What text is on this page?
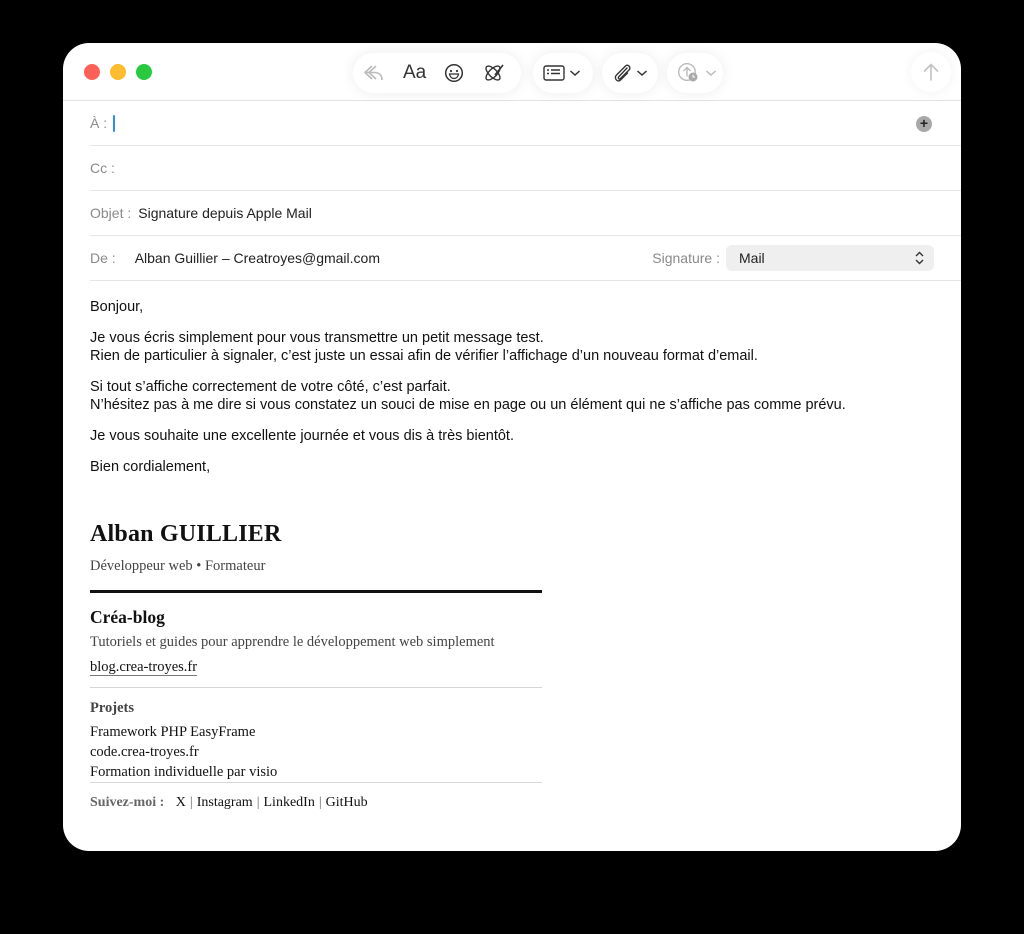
Aa
À :	+
Cc :
Objet : Signature depuis Apple Mail
De : Alban Guillier – Creatroyes@gmail.com	Signature : Mail

Bonjour,

Je vous écris simplement pour vous transmettre un petit message test.
Rien de particulier à signaler, c’est juste un essai afin de vérifier l’affichage d’un nouveau format d’email.

Si tout s’affiche correctement de votre côté, c’est parfait.
N’hésitez pas à me dire si vous constatez un souci de mise en page ou un élément qui ne s’affiche pas comme prévu.

Je vous souhaite une excellente journée et vous dis à très bientôt.

Bien cordialement,

Alban GUILLIER
Développeur web • Formateur
Créa-blog
Tutoriels et guides pour apprendre le développement web simplement
blog.crea-troyes.fr
Projets
Framework PHP EasyFrame
code.crea-troyes.fr
Formation individuelle par visio
Suivez-moi : X | Instagram | LinkedIn | GitHub
